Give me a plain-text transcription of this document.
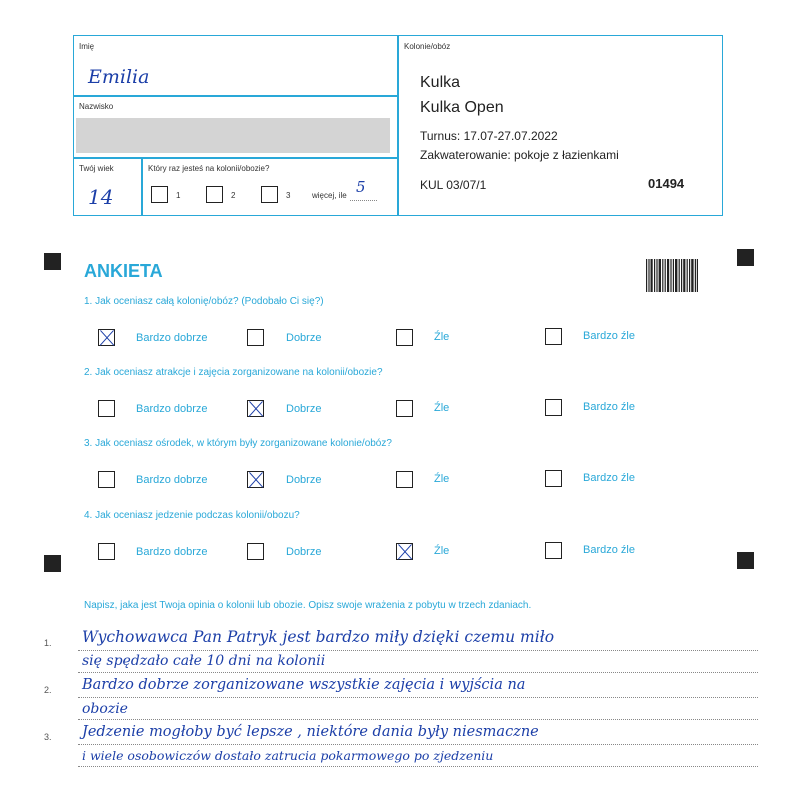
Imię
Emilia
Nazwisko
Twój wiek
14
Który raz jesteś na kolonii/obozie?
1	2	3	więcej, ile 5
Kolonie/obóz
Kulka
Kulka Open
Turnus: 17.07-27.07.2022
Zakwaterowanie: pokoje z łazienkami
KUL 03/07/1	01494
ANKIETA
1. Jak oceniasz całą kolonię/obóz? (Podobało Ci się?)
Bardzo dobrze	Dobrze	Źle	Bardzo źle
2. Jak oceniasz atrakcje i zajęcia zorganizowane na kolonii/obozie?
Bardzo dobrze	Dobrze	Źle	Bardzo źle
3. Jak oceniasz ośrodek, w którym były zorganizowane kolonie/obóz?
Bardzo dobrze	Dobrze	Źle	Bardzo źle
4. Jak oceniasz jedzenie podczas kolonii/obozu?
Bardzo dobrze	Dobrze	Źle	Bardzo źle
Napisz, jaka jest Twoja opinia o kolonii lub obozie. Opisz swoje wrażenia z pobytu w trzech zdaniach.
1.
2.
3.
Wychowawca Pan Patryk jest bardzo miły dzięki czemu miło
się spędzało całe 10 dni na kolonii
Bardzo dobrze zorganizowane wszystkie zajęcia i wyjścia na
obozie
Jedzenie mogłoby być lepsze , niektóre dania były niesmaczne
i wiele osobowiczów dostało zatrucia pokarmowego po zjedzeniu
